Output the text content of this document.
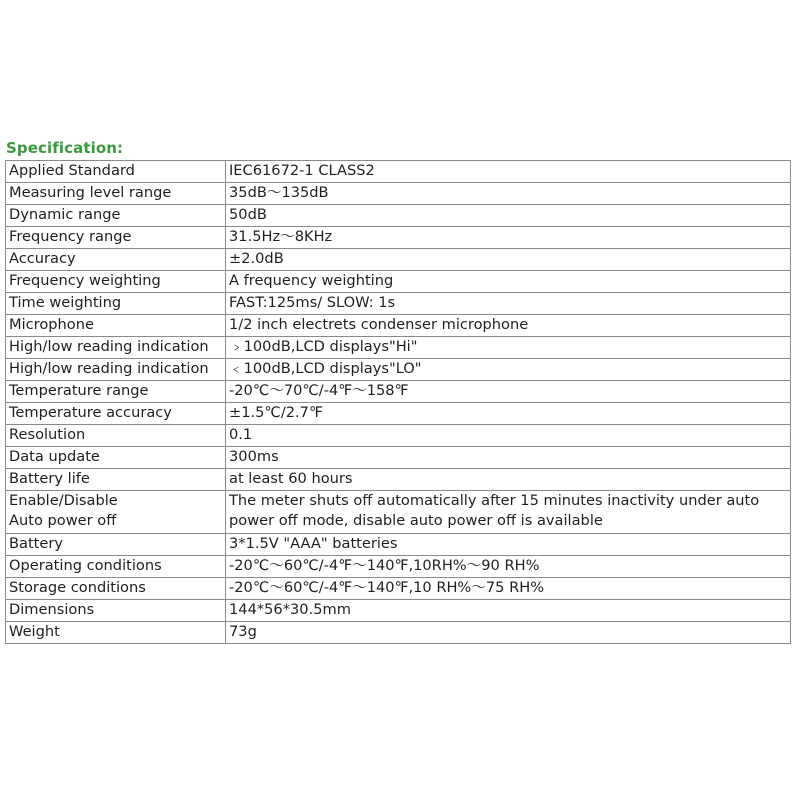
Specification:
Applied Standard	IEC61672-1 CLASS2
Measuring level range	35dB～135dB
Dynamic range	50dB
Frequency range	31.5Hz～8KHz
Accuracy	±2.0dB
Frequency weighting	A frequency weighting
Time weighting	FAST:125ms/ SLOW: 1s
Microphone	1/2 inch electrets condenser microphone
High/low reading indication	﹥100dB,LCD displays"Hi"
High/low reading indication	﹤100dB,LCD displays"LO"
Temperature range	-20℃～70℃/-4℉～158℉
Temperature accuracy	±1.5℃/2.7℉
Resolution	0.1
Data update	300ms
Battery life	at least 60 hours

Enable/Disable
Auto power off	The meter shuts off automatically after 15 minutes inactivity under auto power off mode, disable auto power off is available
Battery	3*1.5V "AAA" batteries
Operating conditions	-20℃～60℃/-4℉～140℉,10RH%～90 RH%
Storage conditions	-20℃～60℃/-4℉～140℉,10 RH%～75 RH%
Dimensions	144*56*30.5mm
Weight	73g
